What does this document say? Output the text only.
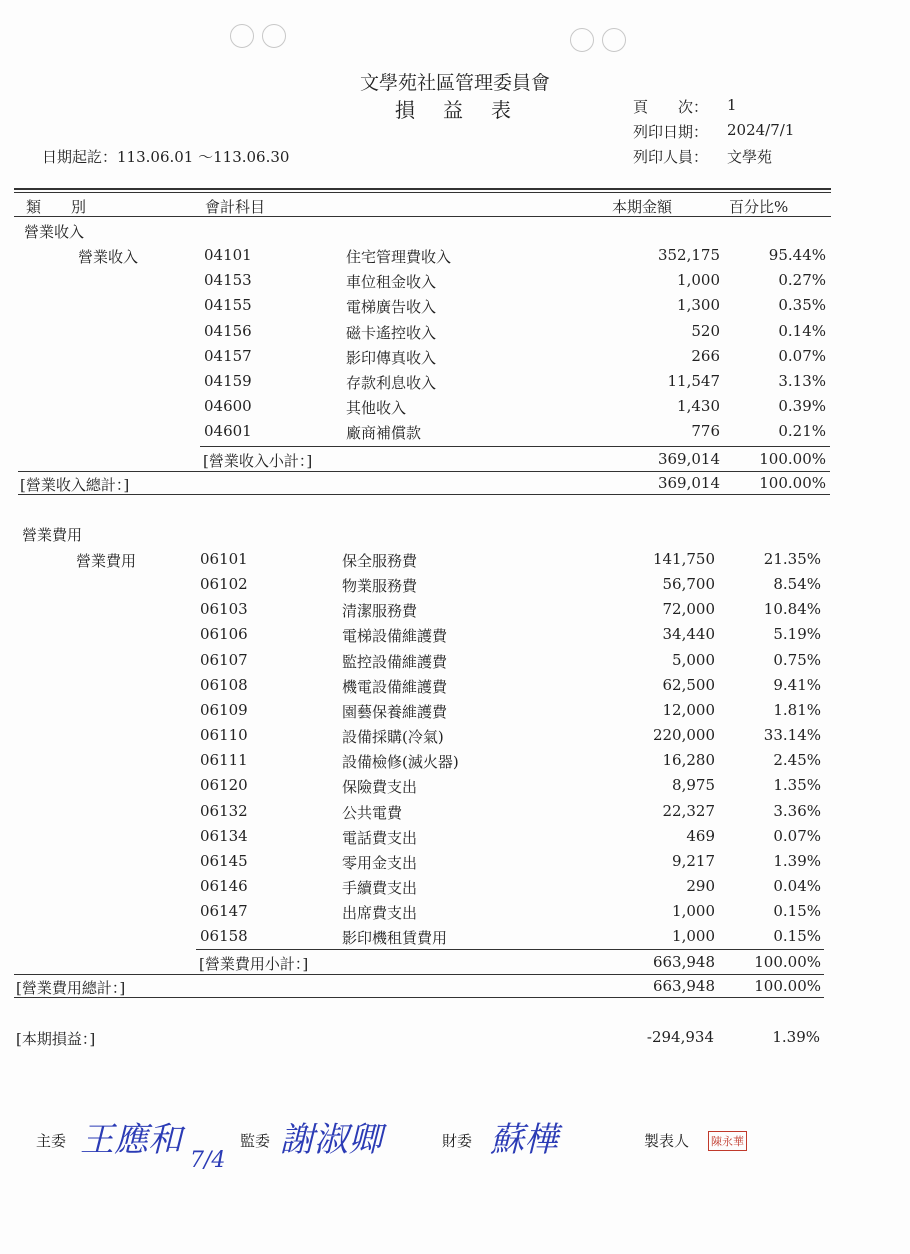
文學苑社區管理委員會
損　益　表	頁　　次： 1
列印日期： 2024/7/1
日期起訖：113.06.01 ～113.06.30	列印人員： 文學苑
類　　別	會計科目	本期金額	百分比%
營業收入
營業收入	04101	住宅管理費收入	352,175	95.44%
04153	車位租金收入	1,000	0.27%
04155	電梯廣告收入	1,300	0.35%
04156	磁卡遙控收入	520	0.14%
04157	影印傳真收入	266	0.07%
04159	存款利息收入	11,547	3.13%
04600	其他收入	1,430	0.39%
04601	廠商補償款	776	0.21%
[營業收入小計：]	369,014	100.00%
[營業收入總計：]	369,014	100.00%
營業費用
營業費用	06101	保全服務費	141,750	21.35%
06102	物業服務費	56,700	8.54%
06103	清潔服務費	72,000	10.84%
06106	電梯設備維護費	34,440	5.19%
06107	監控設備維護費	5,000	0.75%
06108	機電設備維護費	62,500	9.41%
06109	園藝保養維護費	12,000	1.81%
06110	設備採購(冷氣)	220,000	33.14%
06111	設備檢修(滅火器)	16,280	2.45%
06120	保險費支出	8,975	1.35%
06132	公共電費	22,327	3.36%
06134	電話費支出	469	0.07%
06145	零用金支出	9,217	1.39%
06146	手續費支出	290	0.04%
06147	出席費支出	1,000	0.15%
06158	影印機租賃費用	1,000	0.15%
[營業費用小計：]	663,948	100.00%
[營業費用總計：]	663,948	100.00%
[本期損益：]	-294,934	1.39%
主委 王應和
7/4
監委 謝淑卿	財委 蘇樺	製表人 陳永華
